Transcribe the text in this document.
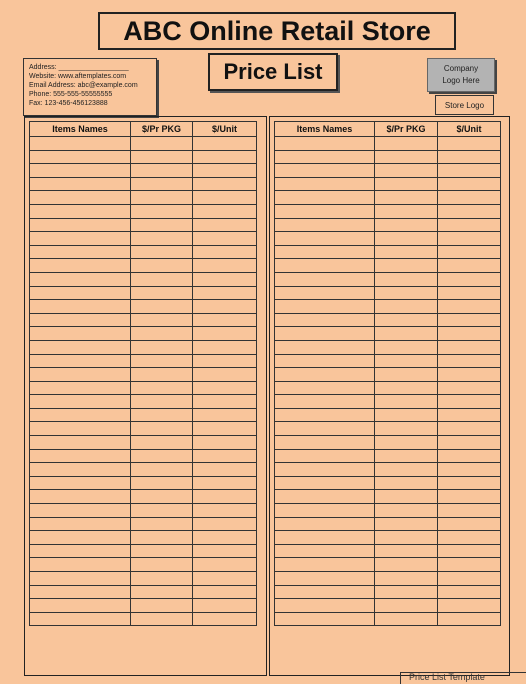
ABC Online Retail Store
Price List
Address: __________________
Website: www.aftemplates.com
Email Address: abc@example.com
Phone: 555-555-55555555
Fax: 123-456-456123888
Company
Logo Here
Store Logo
Items Names	$/Pr PKG	$/Unit

			Items Names	$/Pr PKG	$/Unit

Price List Template
